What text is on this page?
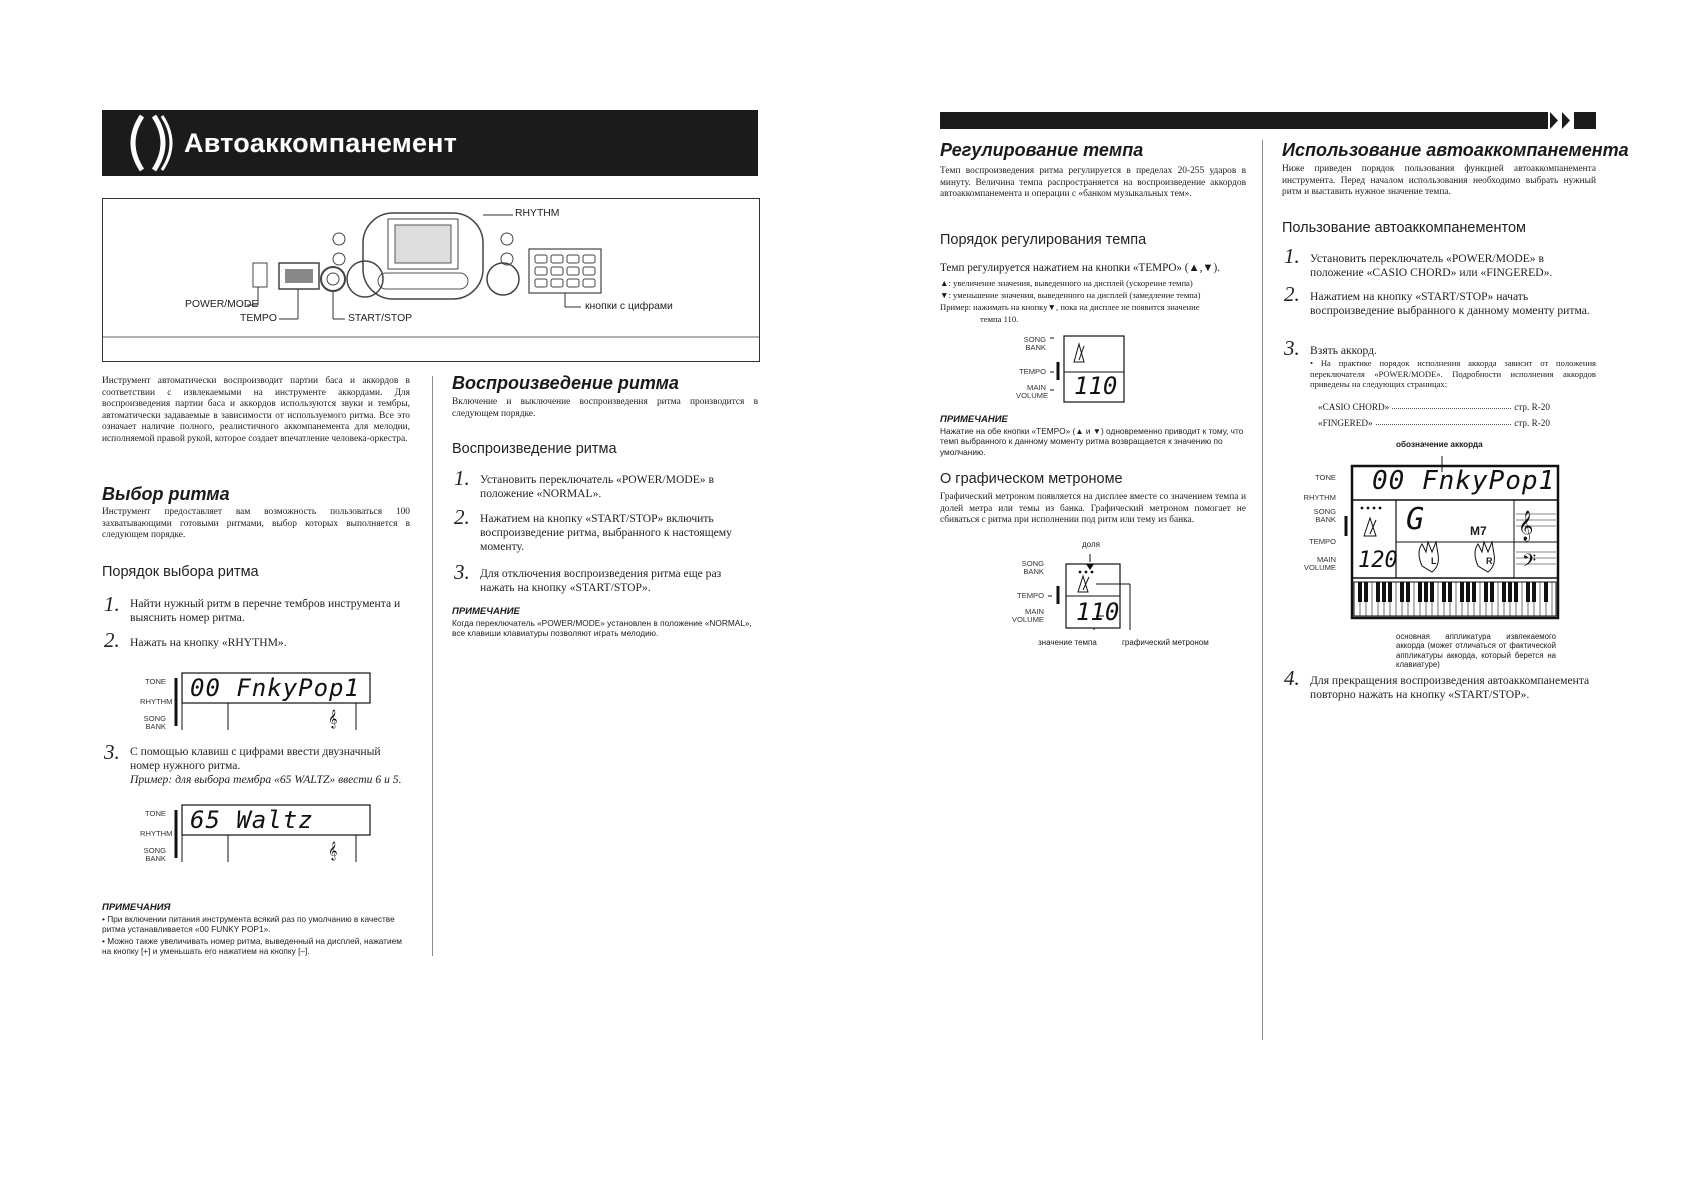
Автоаккомпанемент
RHYTHM
POWER/MODE
TEMPO	START/STOP
кнопки с цифрами
Инструмент автоматически воспроизводит партии баса и аккордов в соответствии с извлекаемыми на инструменте аккордами. Для воспроизведения партии баса и аккордов используются звуки и тембры, автоматически задаваемые в зависимости от используемого ритма. Все это означает наличие полного, реалистичного аккомпанемента для мелодии, исполняемой правой рукой, которое создает впечатление человека-оркестра.
Выбор ритма
Инструмент предоставляет вам возможность пользоваться 100 захватывающими готовыми ритмами, выбор которых выполняется в следующем порядке.
Порядок выбора ритма
1. Найти нужный ритм в перечне тембров инструмента и выяснить номер ритма.
2. Нажать на кнопку «RHYTHM».
TONE
RHYTHM
SONG BANK	𝄞
00 FnkyPop1
3. С помощью клавиш с цифрами ввести двузначный номер нужного ритма.
Пример: для выбора тембра «65 WALTZ» ввести 6 и 5.
TONE
RHYTHM
SONG BANK	𝄞
65 Waltz
ПРИМЕЧАНИЯ
• При включении питания инструмента всякий раз по умолчанию в качестве ритма устанавливается «00 FUNKY POP1».
• Можно также увеличивать номер ритма, выведенный на дисплей, нажатием на кнопку [+] и уменьшать его нажатием на кнопку [–].
Воспроизведение ритма
Включение и выключение воспроизведения ритма производится в следующем порядке.
Воспроизведение ритма
1. Установить переключатель «POWER/MODE» в положение «NORMAL».
2. Нажатием на кнопку «START/STOP» включить воспроизведение ритма, выбранного к настоящему моменту.
3. Для отключения воспроизведения ритма еще раз нажать на кнопку «START/STOP».
ПРИМЕЧАНИЕ
Когда переключатель «POWER/MODE» установлен в положение «NORMAL», все клавиши клавиатуры позволяют играть мелодию.
Регулирование темпа
Темп воспроизведения ритма регулируется в пределах 20-255 ударов в минуту. Величина темпа распространяется на воспроизведение аккордов автоаккомпанемента и операции с «банком музыкальных тем».
Порядок регулирования темпа
Темп регулируется нажатием на кнопки «TEMPO» (▲,▼).
▲: увеличение значения, выведенного на дисплей (ускорение темпа)
▼: уменьшение значения, выведенного на дисплей (замедление темпа)
Пример: нажимать на кнопку▼, пока на дисплее не появится значение
темпа 110.
SONG BANK
TEMPO
MAIN VOLUME 110
ПРИМЕЧАНИЕ
Нажатие на обе кнопки «TEMPO» (▲ и ▼) одновременно приводит к тому, что темп выбранного к данному моменту ритма возвращается к значению по умолчанию.
О графическом метрономе
Графический метроном появляется на дисплее вместе со значением темпа и долей метра или темы из банка. Графический метроном помогает не сбиваться с ритма при исполнении под ритм или тему из банка.
доля
SONG BANK
TEMPO
MAIN VOLUME 110
значение темпа	графический метроном
Использование автоаккомпанемента
Ниже приведен порядок пользования функцией автоаккомпанемента инструмента. Перед началом использования необходимо выбрать нужный ритм и выставить нужное значение темпа.
Пользование автоаккомпанементом
1. Установить переключатель «POWER/MODE» в положение «CASIO CHORD» или «FINGERED».
2. Нажатием на кнопку «START/STOP» начать воспроизведение выбранного к данному моменту ритма.
3. Взять аккорд.
• На практике порядок исполнения аккорда зависит от положения переключателя «POWER/MODE». Подробности исполнения аккордов приведены на следующих страницах:
«CASIO CHORD»	стр. R-20
«FINGERED»	стр. R-20
обозначение аккорда
TONE
RHYTHM
SONG BANK
TEMPO
MAIN VOLUME
𝄞
𝄢
00 FnkyPop1
G	M7
120	L	R
основная аппликатура извлекаемого аккорда (может отличаться от фактической аппликатуры аккорда, который берется на клавиатуре)
4. Для прекращения воспроизведения автоаккомпанемента повторно нажать на кнопку «START/STOP».
